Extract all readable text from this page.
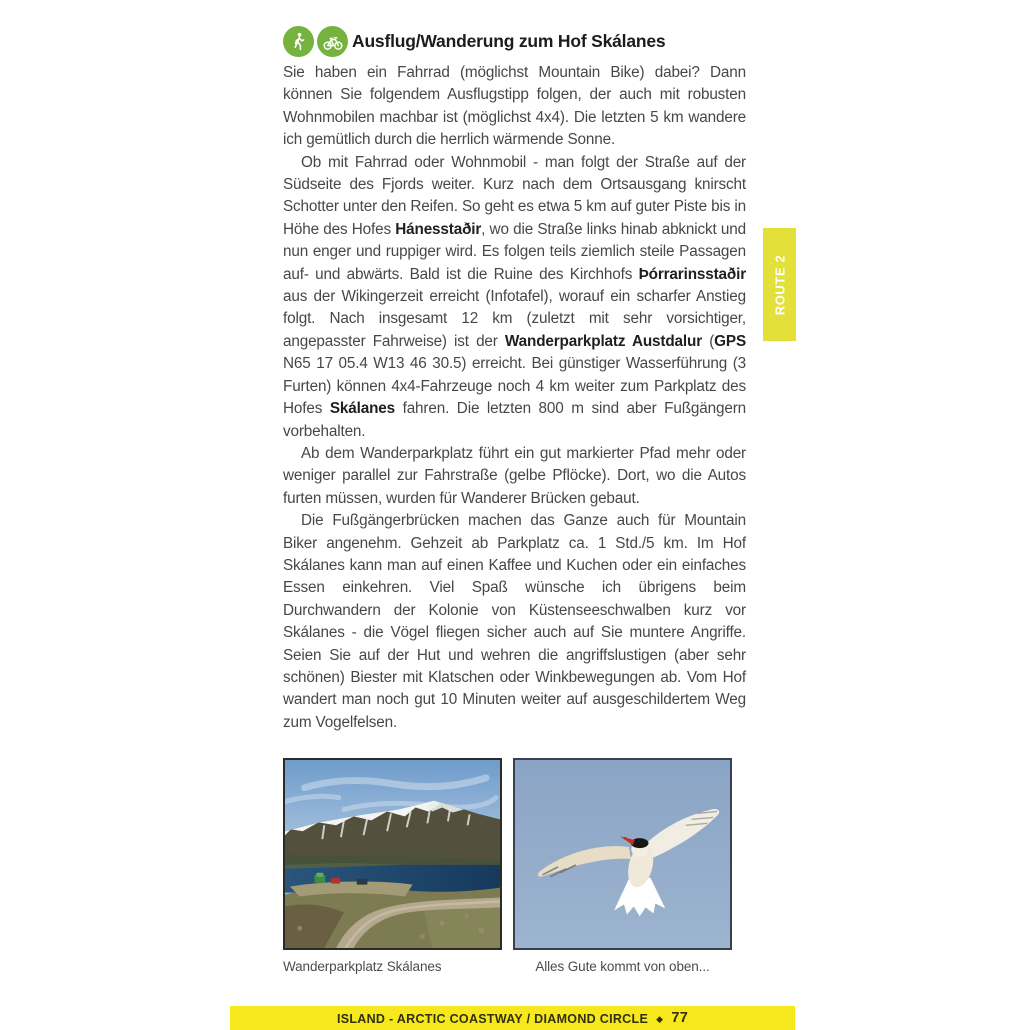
Ausflug/Wanderung zum Hof Skálanes

Sie haben ein Fahrrad (möglichst Mountain Bike) dabei? Dann können Sie folgendem Ausflugstipp folgen, der auch mit robusten Wohnmobilen machbar ist (möglichst 4x4). Die letzten 5 km wandere ich gemütlich durch die herrlich wärmende Sonne.

Ob mit Fahrrad oder Wohnmobil - man folgt der Straße auf der Südseite des Fjords weiter. Kurz nach dem Ortsausgang knirscht Schotter unter den Reifen. So geht es etwa 5 km auf guter Piste bis in Höhe des Hofes Hánesstaðir, wo die Straße links hinab abknickt und nun enger und ruppiger wird. Es folgen teils ziemlich steile Passagen auf- und abwärts. Bald ist die Ruine des Kirchhofs Þórrarinsstaðir aus der Wikingerzeit erreicht (Infotafel), worauf ein scharfer Anstieg folgt. Nach insgesamt 12 km (zuletzt mit sehr vorsichtiger, angepasster Fahrweise) ist der Wanderparkplatz Austdalur (GPS N65 17 05.4 W13 46 30.5) erreicht. Bei günstiger Wasserführung (3 Furten) können 4x4-Fahrzeuge noch 4 km weiter zum Parkplatz des Hofes Skálanes fahren. Die letzten 800 m sind aber Fußgängern vorbehalten.

Ab dem Wanderparkplatz führt ein gut markierter Pfad mehr oder weniger parallel zur Fahrstraße (gelbe Pflöcke). Dort, wo die Autos furten müssen, wurden für Wanderer Brücken gebaut.

Die Fußgängerbrücken machen das Ganze auch für Mountain Biker angenehm. Gehzeit ab Parkplatz ca. 1 Std./5 km. Im Hof Skálanes kann man auf einen Kaffee und Kuchen oder ein einfaches Essen einkehren. Viel Spaß wünsche ich übrigens beim Durchwandern der Kolonie von Küstenseeschwalben kurz vor Skálanes - die Vögel fliegen sicher auch auf Sie muntere Angriffe. Seien Sie auf der Hut und wehren die angriffslustigen (aber sehr schönen) Biester mit Klatschen oder Winkbewegungen ab. Vom Hof wandert man noch gut 10 Minuten weiter auf ausgeschildertem Weg zum Vogelfelsen.

ROUTE 2
Wanderparkplatz Skálanes	Alles Gute kommt von oben...
ISLAND - ARCTIC COASTWAY / DIAMOND CIRCLE ◆ 77
